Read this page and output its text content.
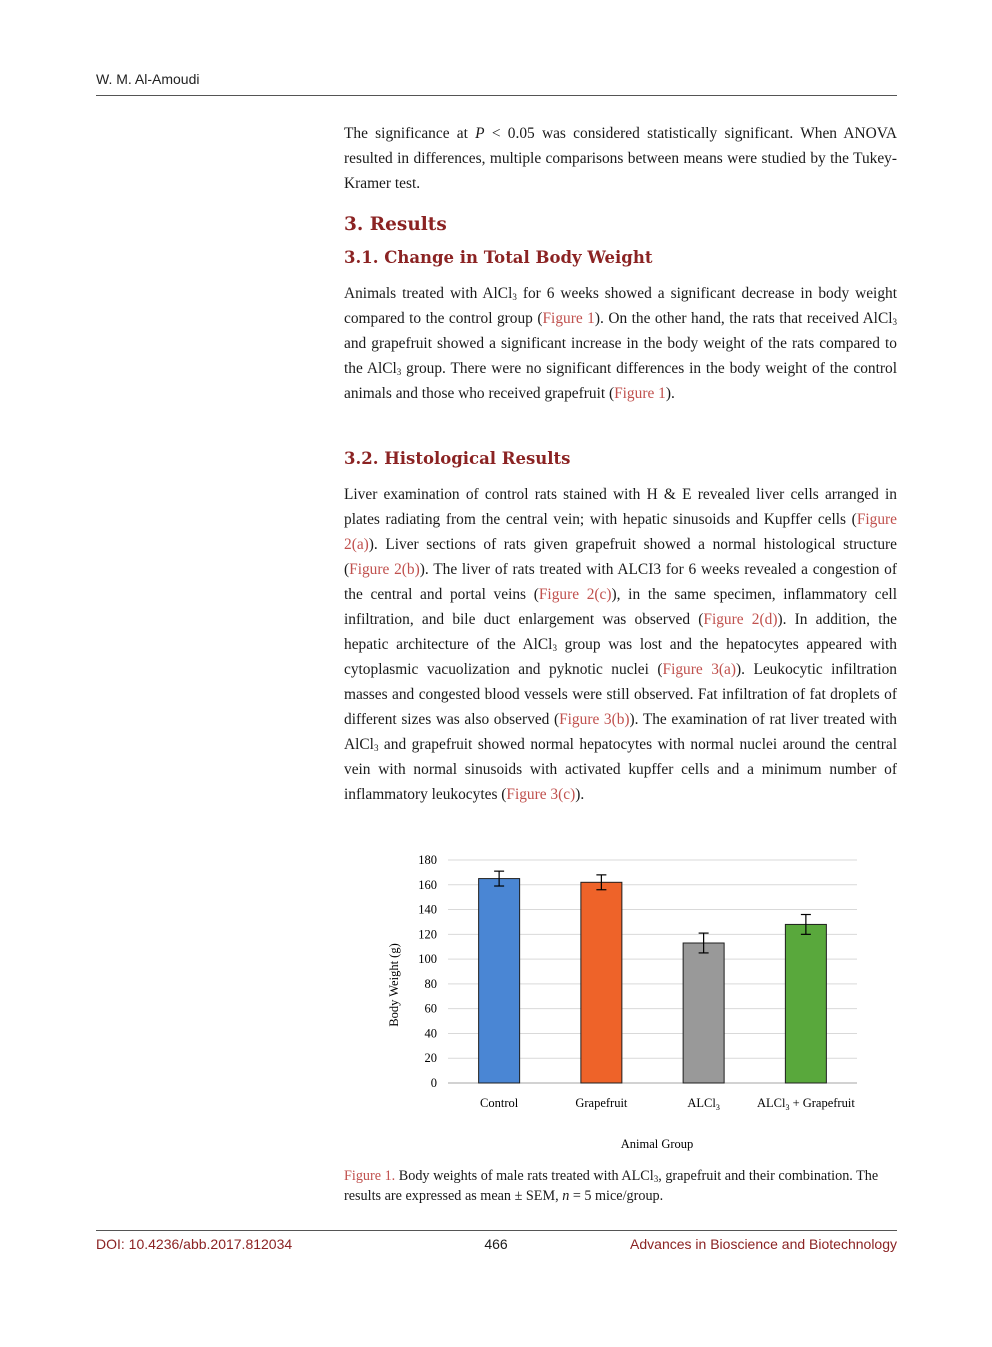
W. M. Al-Amoudi

The significance at P < 0.05 was considered statistically significant. When ANOVA resulted in differences, multiple comparisons between means were studied by the Tukey-Kramer test.

3. Results
3.1. Change in Total Body Weight

Animals treated with AlCl$_3$ for 6 weeks showed a significant decrease in body weight compared to the control group (Figure 1). On the other hand, the rats that received AlCl$_3$ and grapefruit showed a significant increase in the body weight of the rats compared to the AlCl$_3$ group. There were no significant differences in the body weight of the control animals and those who received grapefruit (Figure 1).

3.2. Histological Results

Liver examination of control rats stained with H & E revealed liver cells arranged in plates radiating from the central vein; with hepatic sinusoids and Kupffer cells (Figure 2(a)). Liver sections of rats given grapefruit showed a normal histological structure (Figure 2(b)). The liver of rats treated with ALCI3 for 6 weeks revealed a congestion of the central and portal veins (Figure 2(c)), in the same specimen, inflammatory cell infiltration, and bile duct enlargement was observed (Figure 2(d)). In addition, the hepatic architecture of the AlCl$_3$ group was lost and the hepatocytes appeared with cytoplasmic vacuolization and pyknotic nuclei (Figure 3(a)). Leukocytic infiltration masses and congested blood vessels were still observed. Fat infiltration of fat droplets of different sizes was also observed (Figure 3(b)). The examination of rat liver treated with AlCl$_3$ and grapefruit showed normal hepatocytes with normal nuclei around the central vein with normal sinusoids with activated kupffer cells and a minimum number of inflammatory leukocytes (Figure 3(c)).

0
20
40
60
80
100
120
140
160
180
Control	Grapefruit	ALCl$_3$	ALCl$_3$ + Grapefruit
Body Weight (g)
Animal Group
Figure 1. Body weights of male rats treated with ALCl$_3$, grapefruit and their combination. The results are expressed as mean ± SEM, n = 5 mice/group.
DOI: 10.4236/abb.2017.812034	466	Advances in Bioscience and Biotechnology
